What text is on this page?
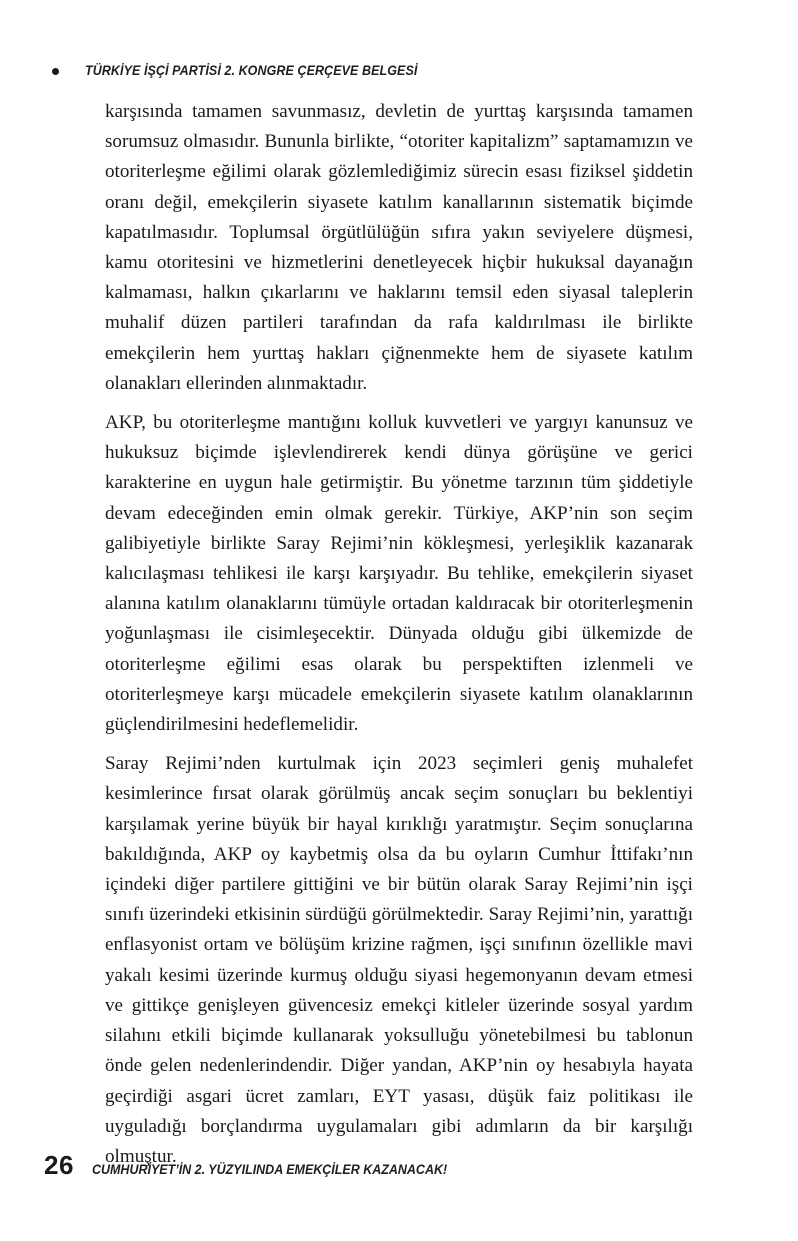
TÜRKİYE İŞÇİ PARTİSİ 2. KONGRE ÇERÇEVE BELGESİ

karşısında tamamen savunmasız, devletin de yurttaş karşısında tamamen sorumsuz olmasıdır. Bununla birlikte, “otoriter kapitalizm” saptamamızın ve otoriterleşme eğilimi olarak gözlemlediğimiz sürecin esası fiziksel şiddetin oranı değil, emekçilerin siyasete katılım kanallarının sistematik biçimde kapatılmasıdır. Toplumsal örgütlülüğün sıfıra yakın seviyelere düşmesi, kamu otoritesini ve hizmetlerini denetleyecek hiçbir hukuksal dayanağın kalmaması, halkın çıkarlarını ve haklarını temsil eden siyasal taleplerin muhalif düzen partileri tarafından da rafa kaldırılması ile birlikte emekçilerin hem yurttaş hakları çiğnenmekte hem de siyasete katılım olanakları ellerinden alınmaktadır.

AKP, bu otoriterleşme mantığını kolluk kuvvetleri ve yargıyı kanunsuz ve hukuksuz biçimde işlevlendirerek kendi dünya görüşüne ve gerici karakterine en uygun hale getirmiştir. Bu yönetme tarzının tüm şiddetiyle devam edeceğinden emin olmak gerekir. Türkiye, AKP’nin son seçim galibiyetiyle birlikte Saray Rejimi’nin kökleşmesi, yerleşiklik kazanarak kalıcılaşması tehlikesi ile karşı karşıyadır. Bu tehlike, emekçilerin siyaset alanına katılım olanaklarını tümüyle ortadan kaldıracak bir otoriterleşmenin yoğunlaşması ile cisimleşecektir. Dünyada olduğu gibi ülkemizde de otoriterleşme eğilimi esas olarak bu perspektiften izlenmeli ve otoriterleşmeye karşı mücadele emekçilerin siyasete katılım olanaklarının güçlendirilmesini hedeflemelidir.

Saray Rejimi’nden kurtulmak için 2023 seçimleri geniş muhalefet kesimlerince fırsat olarak görülmüş ancak seçim sonuçları bu beklentiyi karşılamak yerine büyük bir hayal kırıklığı yaratmıştır. Seçim sonuçlarına bakıldığında, AKP oy kaybetmiş olsa da bu oyların Cumhur İttifakı’nın içindeki diğer partilere gittiğini ve bir bütün olarak Saray Rejimi’nin işçi sınıfı üzerindeki etkisinin sürdüğü görülmektedir. Saray Rejimi’nin, yarattığı enflasyonist ortam ve bölüşüm krizine rağmen, işçi sınıfının özellikle mavi yakalı kesimi üzerinde kurmuş olduğu siyasi hegemonyanın devam etmesi ve gittikçe genişleyen güvencesiz emekçi kitleler üzerinde sosyal yardım silahını etkili biçimde kullanarak yoksulluğu yönetebilmesi bu tablonun önde gelen nedenlerindendir. Diğer yandan, AKP’nin oy hesabıyla hayata geçirdiği asgari ücret zamları, EYT yasası, düşük faiz politikası ile uyguladığı borçlandırma uygulamaları gibi adımların da bir karşılığı olmuştur.

26 CUMHURİYET’İN 2. YÜZYILINDA EMEKÇİLER KAZANACAK!
